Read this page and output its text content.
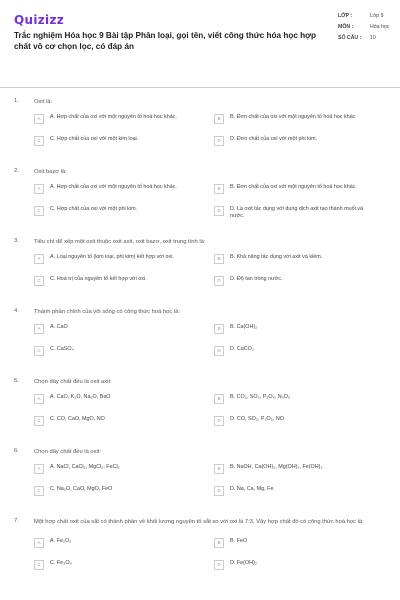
Quizizz
Trắc nghiệm Hóa học 9 Bài tập Phân loại, gọi tên, viết công thức hóa học hợp chất vô cơ chọn lọc, có đáp án
LỚP :	Lớp 9
MÔN :	Hóa học
SỐ CÂU :	10
1.	Oxit là:
A	A. Hợp chất của oxi với một nguyên tố hoá học khác.	B	B. Đơn chất của oxi với một nguyên tố hoá học khác
C	C. Hợp chất của oxi với một kim loại.	D	D. Đơn chất của oxi với một phi kim.
2.	Oxit bazơ là:
A	A. Hợp chất của oxi với một nguyên tố hoá học khác.	B	B. Đơn chất của oxi với một nguyên tố hoá học khác.
C	C. Hợp chất của oxi với một phi kim.	D	D. Là oxit tác dụng với dung dịch axit tạo thành muối và nước.
3.	Tiêu chí để xếp một oxit thuộc oxit axit, oxit bazơ, oxit trung tính là:
A	A. Loại nguyên tố (kim loại, phi kim) kết hợp với oxi.	B	B. Khả năng tác dụng với axit và kiềm.
C	C. Hoá trị của nguyên tố kết hợp với oxi.	D	D. Độ tan trong nước.
4.	Thành phần chính của vôi sống có công thức hoá học là:
A	A. CaO	B	B. Ca(OH)₂
C	C. CaSO₄	D	D. CaCO₃
5.	Chọn dãy chất đều là oxit axit:
A	A. CaO, K₂O, Na₂O, BaO	B	B. CO₂, SO₃, P₂O₅, N₂O₅
C	C. CO, CaO, MgO, NO	D	D. CO, SO₂, P₂O₅, NO
6.	Chọn dãy chất đều là oxit:
A	A. NaCl, CaCl₂, MgCl₂, FeCl₂	B	B. NaOH, Ca(OH)₂, Mg(OH)₂, Fe(OH)₂
C	C. Na₂O, CaO, MgO, FeO	D	D. Na, Ca, Mg, Fe
7.	Một hợp chất oxit của sắt có thành phần về khối lượng nguyên tố sắt so với oxi là 7:3. Vậy hợp chất đó có công thức hoá học là:
A	A. Fe₂O₃	B	B. FeO
C	C. Fe₃O₄	D	D. Fe(OH)₂
